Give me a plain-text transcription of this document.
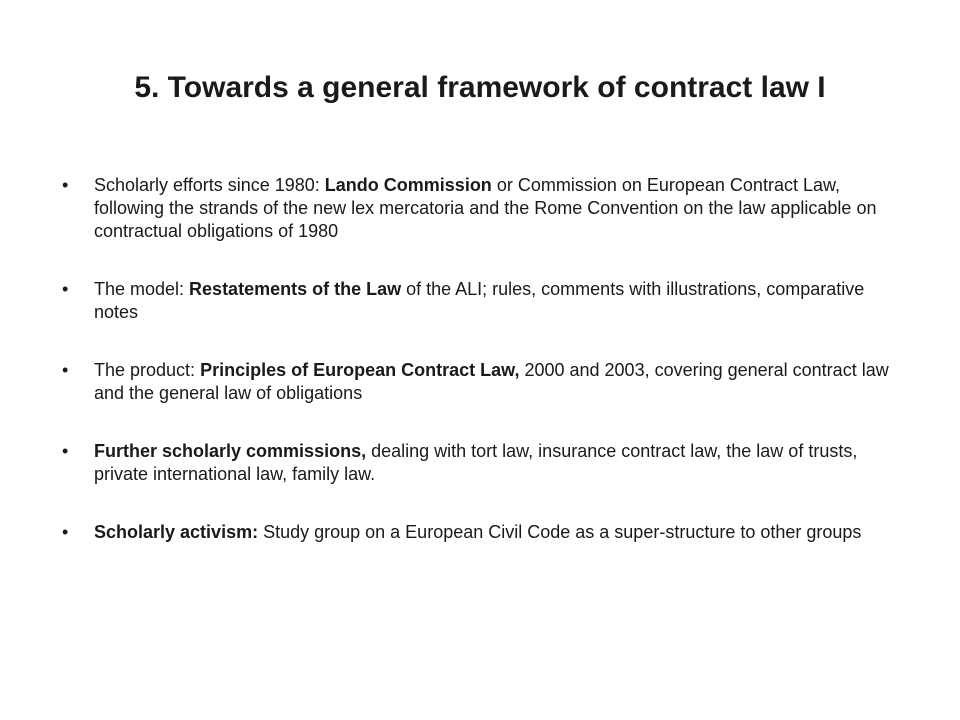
5. Towards a general framework of contract law I
• Scholarly efforts since 1980: Lando Commission or Commission on European Contract Law, following the strands of the new lex mercatoria and the Rome Convention on the law applicable on contractual obligations of 1980
• The model: Restatements of the Law of the ALI; rules, comments with illustrations, comparative notes
• The product: Principles of European Contract Law, 2000 and 2003, covering general contract law and the general law of obligations
• Further scholarly commissions, dealing with tort law, insurance contract law, the law of trusts, private international law, family law.
• Scholarly activism: Study group on a European Civil Code as a super-structure to other groups
